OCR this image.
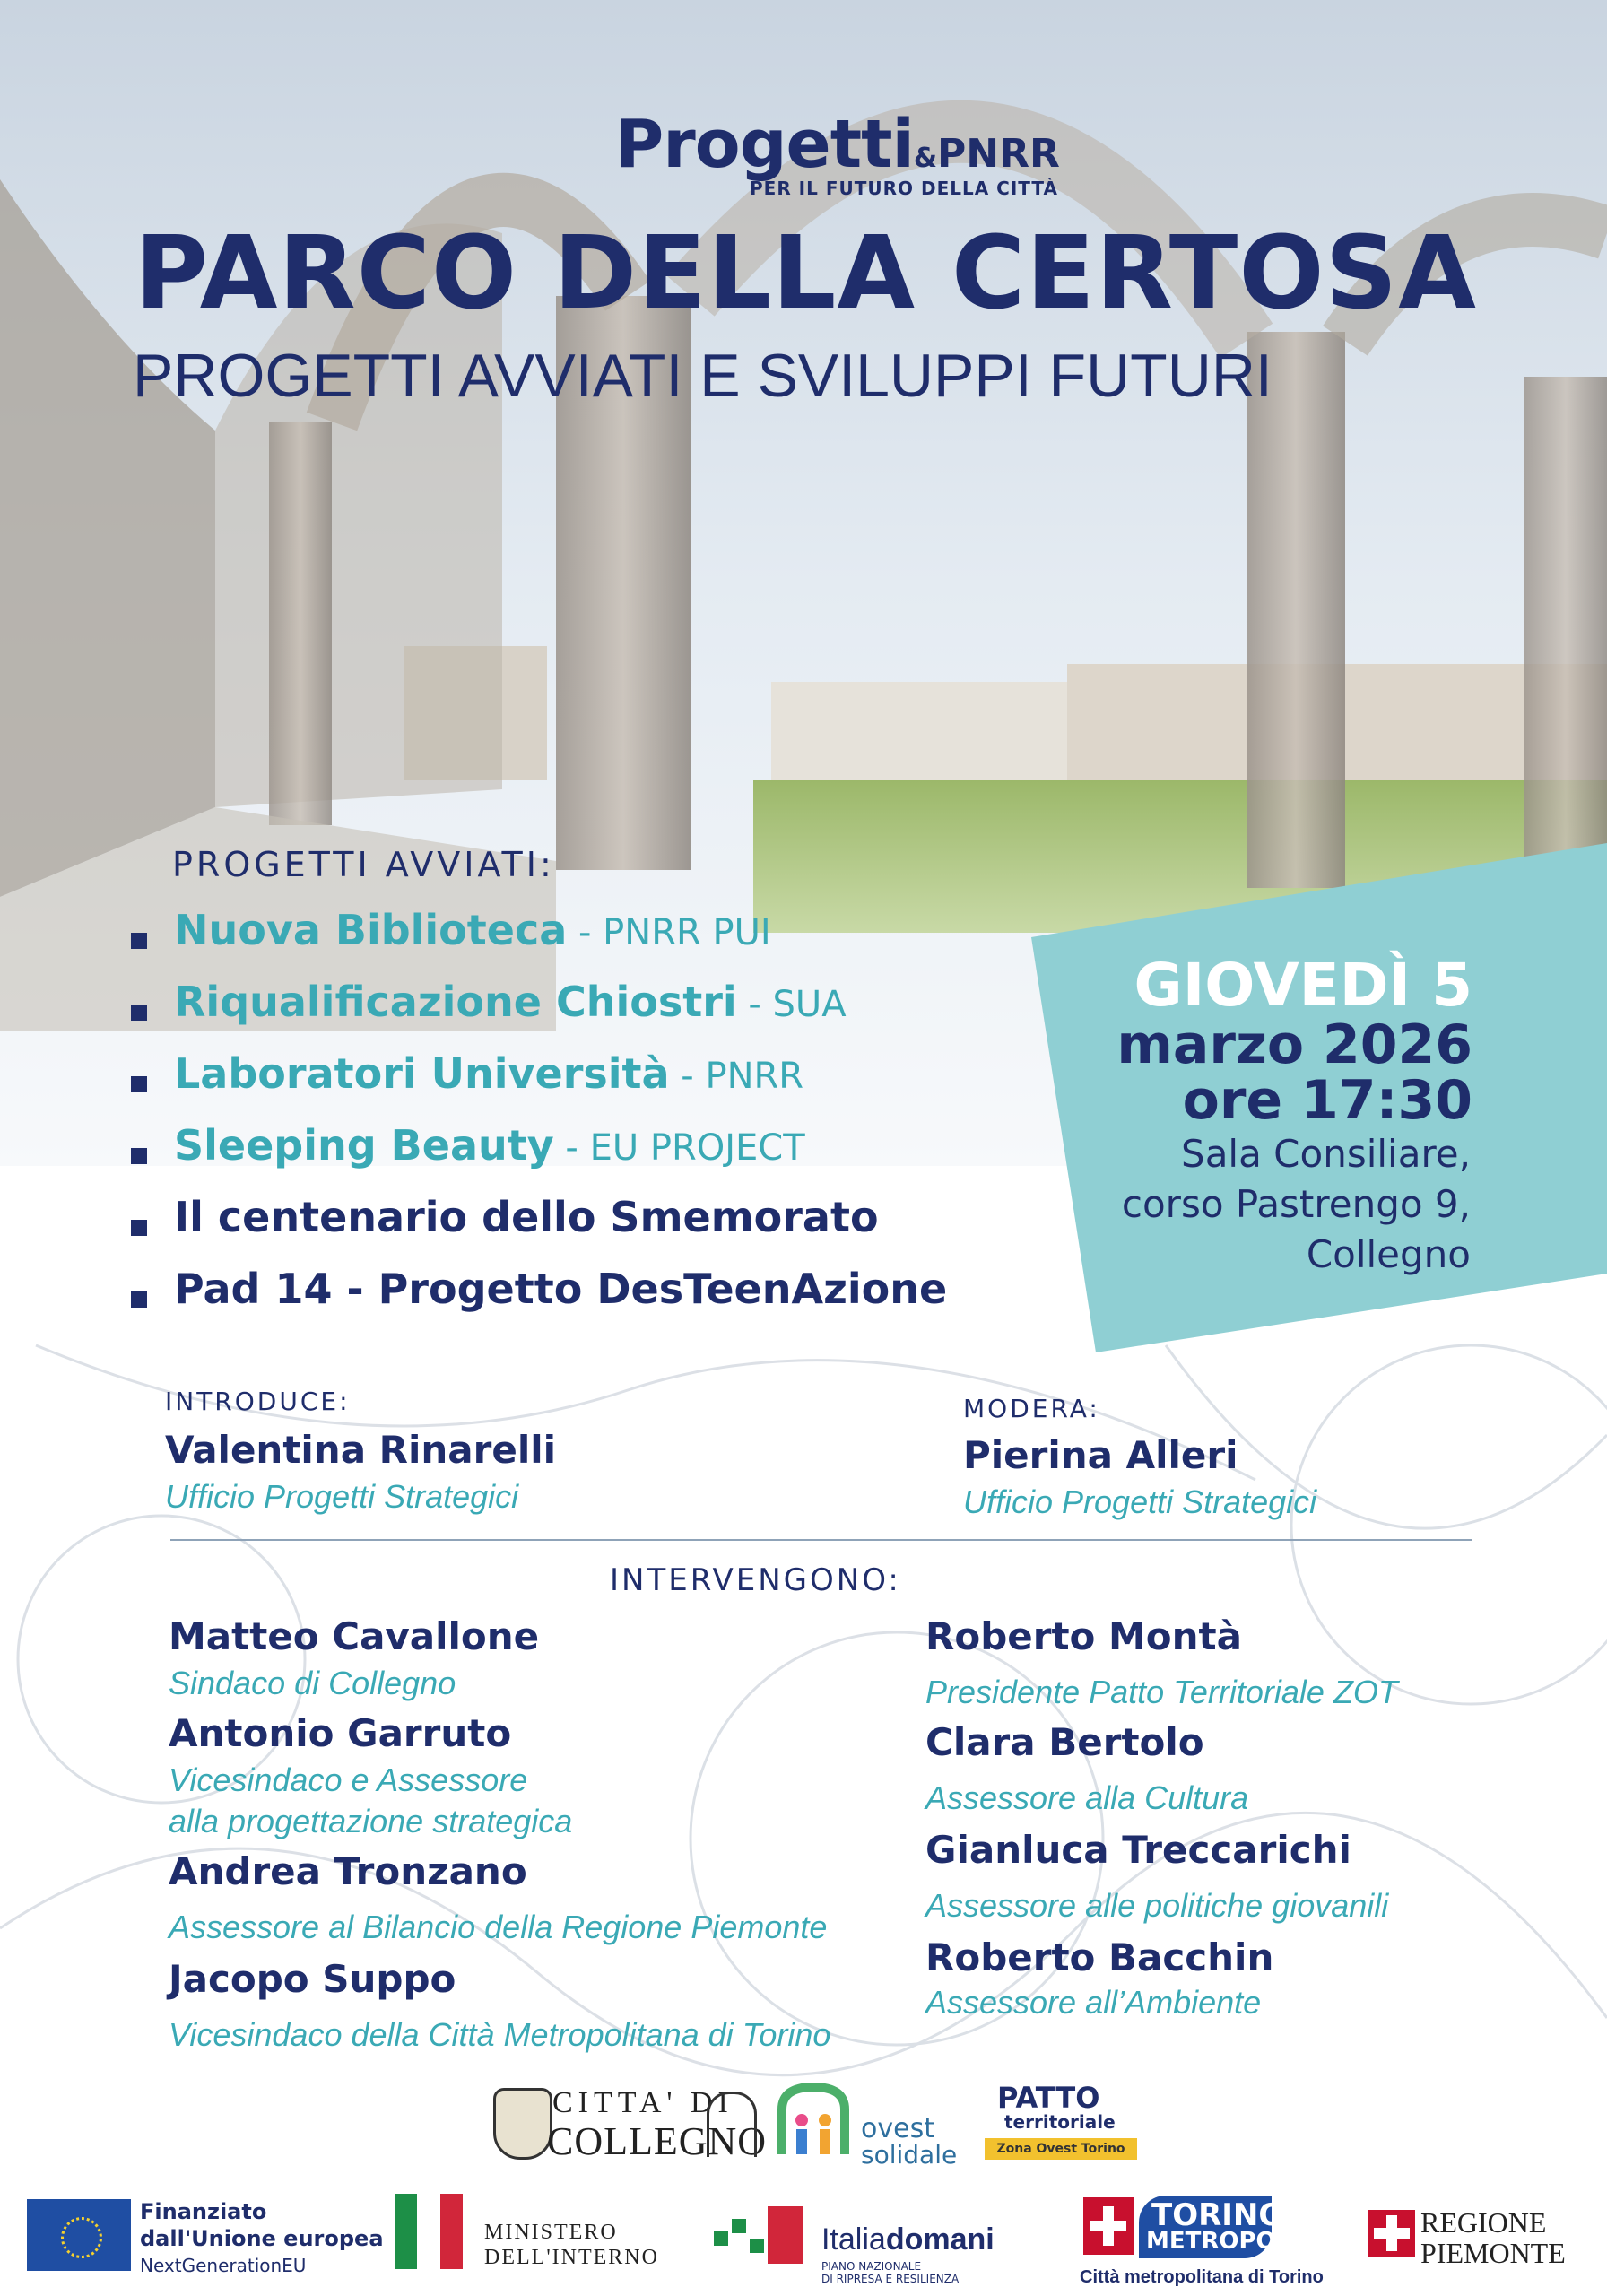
Progetti&PNRR
PER IL FUTURO DELLA CITTÀ
PARCO DELLA CERTOSA
PROGETTI AVVIATI E SVILUPPI FUTURI
PROGETTI AVVIATI:
Nuova Biblioteca - PNRR PUI
Riqualificazione Chiostri - SUA
Laboratori Università - PNRR
Sleeping Beauty - EU PROJECT
Il centenario dello Smemorato
Pad 14 - Progetto DesTeenAzione
GIOVEDÌ 5
marzo 2026
ore 17:30
Sala Consiliare,
corso Pastrengo 9,
Collegno
INTRODUCE:
Valentina Rinarelli
Ufficio Progetti Strategici
MODERA:
Pierina Alleri
Ufficio Progetti Strategici
INTERVENGONO:
Matteo Cavallone
Sindaco di Collegno
Antonio Garruto
Vicesindaco e Assessore
alla progettazione strategica
Andrea Tronzano
Assessore al Bilancio della Regione Piemonte
Jacopo Suppo
Vicesindaco della Città Metropolitana di Torino
Roberto Montà
Presidente Patto Territoriale ZOT
Clara Bertolo
Assessore alla Cultura
Gianluca Treccarichi
Assessore alle politiche giovanili
Roberto Bacchin
Assessore all’Ambiente
CITTA' DI
COLLEGNO	ovest
solidale
PATTO
territoriale
Zona Ovest Torino
Finanziato
dall'Unione europea
NextGenerationEU
MINISTERO
DELL'INTERNO
Italiadomani
PIANO NAZIONALE
DI RIPRESA E RESILIENZA
TORINO
METROPOLI
Città metropolitana di Torino
REGIONE
PIEMONTE
